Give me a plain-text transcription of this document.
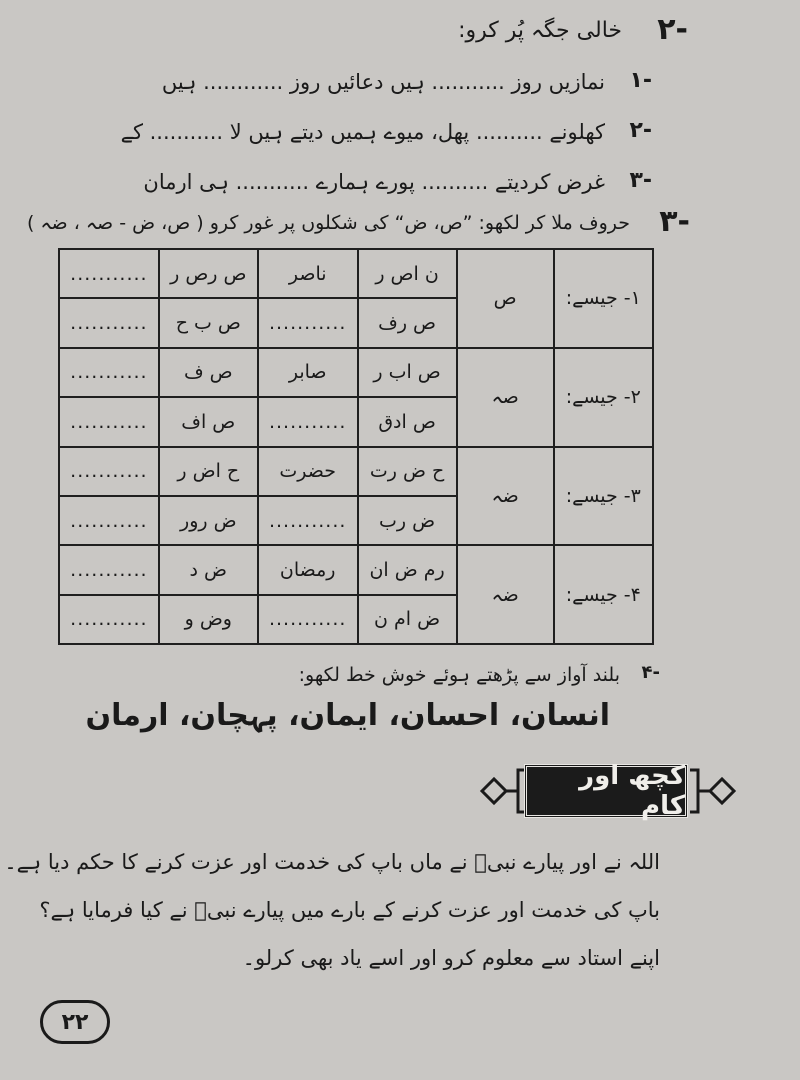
۲-
خالی جگہ پُر کرو:
۱-
نمازیں روز ........... ہیں دعائیں روز ............ ہیں
۲-
کھلونے .......... پھل، میوے ہمیں دیتے ہیں لا ........... کے
۳-
غرض کردیتے .......... پورے ہمارے ........... ہی ارمان
۳-
حروف ملا کر لکھو: ”ص، ض“ کی شکلوں پر غور کرو ( ص، ض - صہ ، ضہ )
۱- جیسے:	ص	ن اص ر	ناصر	ص رص ر	...........
		ص رف	...........	ص ب ح	...........
۲- جیسے:	صہ	ص اب ر	صابر	ص ف	...........
		ص ادق	...........	ص اف	...........
۳- جیسے:	ضہ	ح ض رت	حضرت	ح اض ر	...........
		ض رب	...........	ض رور	...........
۴- جیسے:	ضہ	رم ض ان	رمضان	ض د	...........
		ض ام ن	...........	وض و	...........
۴-
بلند آواز سے پڑھتے ہوئے خوش خط لکھو:
انسان، احسان، ایمان، پہچان، ارمان
کچھ اور کام
اللہ نے اور پیارے نبیؐ نے ماں باپ کی خدمت اور عزت کرنے کا حکم دیا ہے۔
باپ کی خدمت اور عزت کرنے کے بارے میں پیارے نبیؐ نے کیا فرمایا ہے؟
اپنے استاد سے معلوم کرو اور اسے یاد بھی کرلو۔
۲۲
